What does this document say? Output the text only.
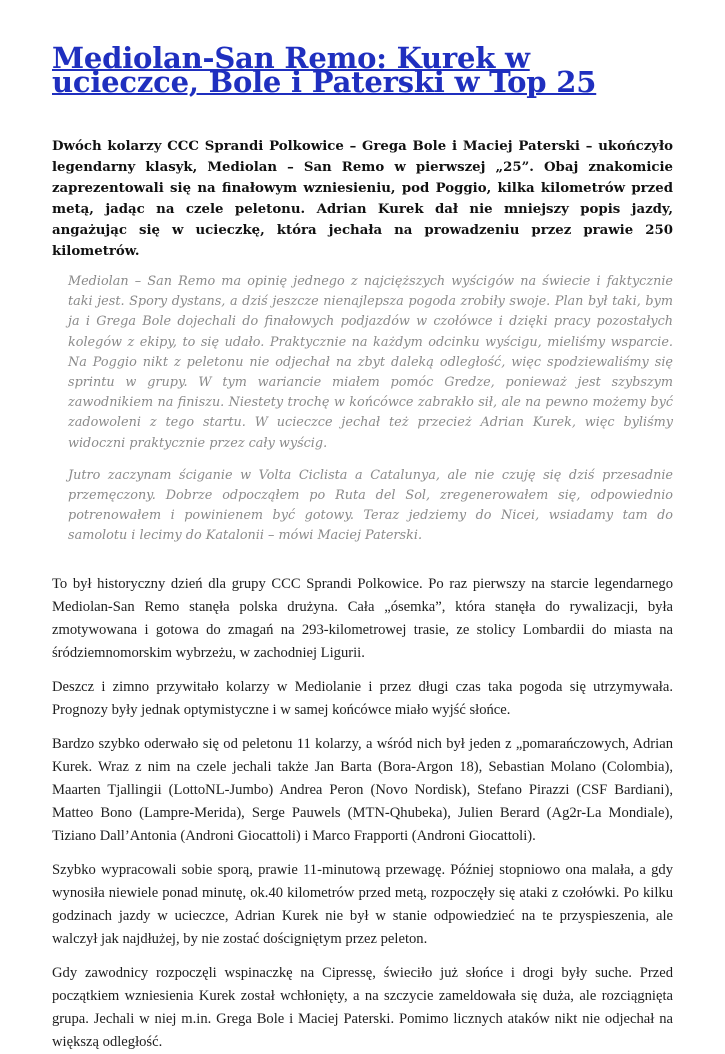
Mediolan-San Remo: Kurek w ucieczce, Bole i Paterski w Top 25

Dwóch kolarzy CCC Sprandi Polkowice – Grega Bole i Maciej Paterski – ukończyło legendarny klasyk, Mediolan – San Remo w pierwszej „25”. Obaj znakomicie zaprezentowali się na finałowym wzniesieniu, pod Poggio, kilka kilometrów przed metą, jadąc na czele peletonu. Adrian Kurek dał nie mniejszy popis jazdy, angażując się w ucieczkę, która jechała na prowadzeniu przez prawie 250 kilometrów.

Mediolan – San Remo ma opinię jednego z najcięższych wyścigów na świecie i faktycznie taki jest. Spory dystans, a dziś jeszcze nienajlepsza pogoda zrobiły swoje. Plan był taki, bym ja i Grega Bole dojechali do finałowych podjazdów w czołówce i dzięki pracy pozostałych kolegów z ekipy, to się udało. Praktycznie na każdym odcinku wyścigu, mieliśmy wsparcie. Na Poggio nikt z peletonu nie odjechał na zbyt daleką odległość, więc spodziewaliśmy się sprintu w grupy. W tym wariancie miałem pomóc Gredze, ponieważ jest szybszym zawodnikiem na finiszu. Niestety trochę w końcówce zabrakło sił, ale na pewno możemy być zadowoleni z tego startu. W ucieczce jechał też przecież Adrian Kurek, więc byliśmy widoczni praktycznie przez cały wyścig.

Jutro zaczynam ściganie w Volta Ciclista a Catalunya, ale nie czuję się dziś przesadnie przemęczony. Dobrze odpocząłem po Ruta del Sol, zregenerowałem się, odpowiednio potrenowałem i powinienem być gotowy. Teraz jedziemy do Nicei, wsiadamy tam do samolotu i lecimy do Katalonii – mówi Maciej Paterski.

To był historyczny dzień dla grupy CCC Sprandi Polkowice. Po raz pierwszy na starcie legendarnego Mediolan-San Remo stanęła polska drużyna. Cała „ósemka”, która stanęła do rywalizacji, była zmotywowana i gotowa do zmagań na 293-kilometrowej trasie, ze stolicy Lombardii do miasta na śródziemnomorskim wybrzeżu, w zachodniej Ligurii.

Deszcz i zimno przywitało kolarzy w Mediolanie i przez długi czas taka pogoda się utrzymywała. Prognozy były jednak optymistyczne i w samej końcówce miało wyjść słońce.

Bardzo szybko oderwało się od peletonu 11 kolarzy, a wśród nich był jeden z „pomarańczowych, Adrian Kurek. Wraz z nim na czele jechali także Jan Barta (Bora-Argon 18), Sebastian Molano (Colombia), Maarten Tjallingii (LottoNL-Jumbo) Andrea Peron (Novo Nordisk), Stefano Pirazzi (CSF Bardiani), Matteo Bono (Lampre-Merida), Serge Pauwels (MTN-Qhubeka), Julien Berard (Ag2r-La Mondiale), Tiziano Dall’Antonia (Androni Giocattoli) i Marco Frapporti (Androni Giocattoli).

Szybko wypracowali sobie sporą, prawie 11-minutową przewagę. Później stopniowo ona malała, a gdy wynosiła niewiele ponad minutę, ok.40 kilometrów przed metą, rozpoczęły się ataki z czołówki. Po kilku godzinach jazdy w ucieczce, Adrian Kurek nie był w stanie odpowiedzieć na te przyspieszenia, ale walczył jak najdłużej, by nie zostać dościgniętym przez peleton.

Gdy zawodnicy rozpoczęli wspinaczkę na Cipressę, świeciło już słońce i drogi były suche. Przed początkiem wzniesienia Kurek został wchłonięty, a na szczycie zameldowała się duża, ale rozciągnięta grupa. Jechali w niej m.in. Grega Bole i Maciej Paterski. Pomimo licznych ataków nikt nie odjechał na większą odległość.
